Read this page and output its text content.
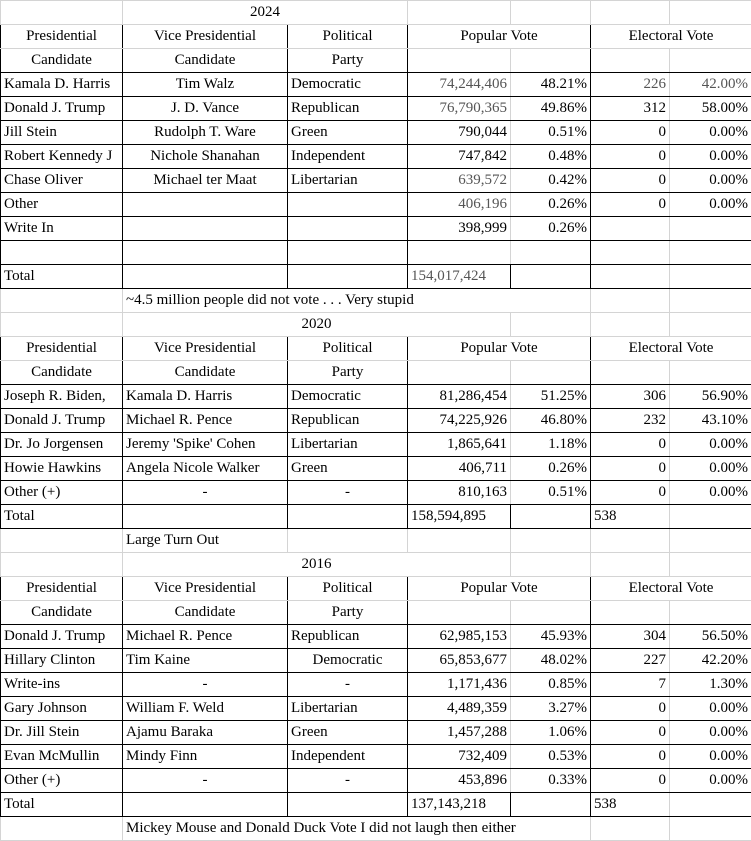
	2024					
Presidential	Vice Presidential	Political	Popular Vote		Electoral Vote	
Candidate	Candidate	Party				
Kamala D. Harris	Tim Walz	Democratic	74,244,406	48.21%	226	42.00%
Donald J. Trump	J. D. Vance	Republican	76,790,365	49.86%	312	58.00%
Jill Stein	Rudolph T. Ware	Green	790,044	0.51%	0	0.00%
Robert Kennedy J	Nichole Shanahan	Independent	747,842	0.48%	0	0.00%
Chase Oliver	Michael ter Maat	Libertarian	639,572	0.42%	0	0.00%
Other			406,196	0.26%	0	0.00%
Write In			398,999	0.26%		

Total			154,017,424			
	~4.5 million people did not vote . . . Very stupid					
	2020					
Presidential	Vice Presidential	Political	Popular Vote		Electoral Vote	
Candidate	Candidate	Party				
Joseph R. Biden,	Kamala D. Harris	Democratic	81,286,454	51.25%	306	56.90%
Donald J. Trump	Michael R. Pence	Republican	74,225,926	46.80%	232	43.10%
Dr. Jo Jorgensen	Jeremy 'Spike' Cohen	Libertarian	1,865,641	1.18%	0	0.00%
Howie Hawkins	Angela Nicole Walker	Green	406,711	0.26%	0	0.00%
Other (+)	-	-	810,163	0.51%	0	0.00%
Total			158,594,895		538	
	Large Turn Out					
	2016					
Presidential	Vice Presidential	Political	Popular Vote		Electoral Vote	
Candidate	Candidate	Party				
Donald J. Trump	Michael R. Pence	Republican	62,985,153	45.93%	304	56.50%
Hillary Clinton	Tim Kaine	Democratic	65,853,677	48.02%	227	42.20%
Write-ins	-	-	1,171,436	0.85%	7	1.30%
Gary Johnson	William F. Weld	Libertarian	4,489,359	3.27%	0	0.00%
Dr. Jill Stein	Ajamu Baraka	Green	1,457,288	1.06%	0	0.00%
Evan McMullin	Mindy Finn	Independent	732,409	0.53%	0	0.00%
Other (+)	-	-	453,896	0.33%	0	0.00%
Total			137,143,218		538	
	Mickey Mouse and Donald Duck Vote I did not laugh then either					
